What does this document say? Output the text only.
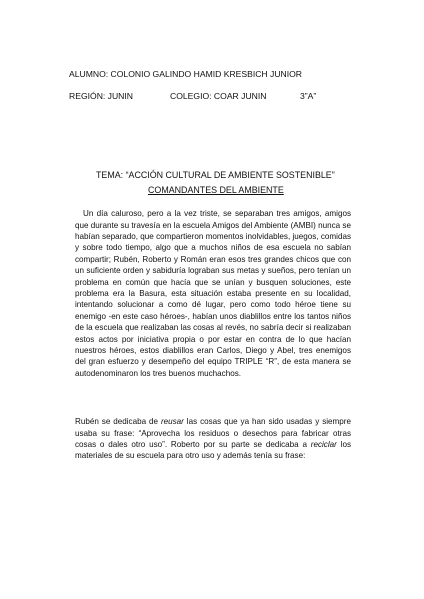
ALUMNO: COLONIO GALINDO HAMID KRESBICH JUNIOR
REGIÓN: JUNIN	COLEGIO: COAR JUNIN	3”A”
TEMA: “ACCIÓN CULTURAL DE AMBIENTE SOSTENIBLE”
COMANDANTES DEL AMBIENTE

Un día caluroso, pero a la vez triste, se separaban tres amigos, amigos que durante su travesía en la escuela Amigos del Ambiente (AMBI) nunca se habían separado, que compartieron momentos inolvidables, juegos, comidas y sobre todo tiempo, algo que a muchos niños de esa escuela no sabían compartir; Rubén, Roberto y Román eran esos tres grandes chicos que con un suficiente orden y sabiduría lograban sus metas y sueños, pero tenían un problema en común que hacía que se unían y busquen soluciones, este problema era la Basura, esta situación estaba presente en su localidad, intentando solucionar a como dé lugar, pero como todo héroe tiene su enemigo -en este caso héroes-, habían unos diablillos entre los tantos niños de la escuela que realizaban las cosas al revés, no sabría decir si realizaban estos actos por iniciativa propia o por estar en contra de lo que hacían nuestros héroes, estos diablillos eran Carlos, Diego y Abel, tres enemigos del gran esfuerzo y desempeño del equipo TRIPLE “R”, de esta manera se autodenominaron los tres buenos muchachos.

Rubén se dedicaba de reusar las cosas que ya han sido usadas y siempre usaba su frase: “Aprovecha los residuos o desechos para fabricar otras cosas o dales otro uso”. Roberto por su parte se dedicaba a reciclar los materiales de su escuela para otro uso y además tenía su frase:
